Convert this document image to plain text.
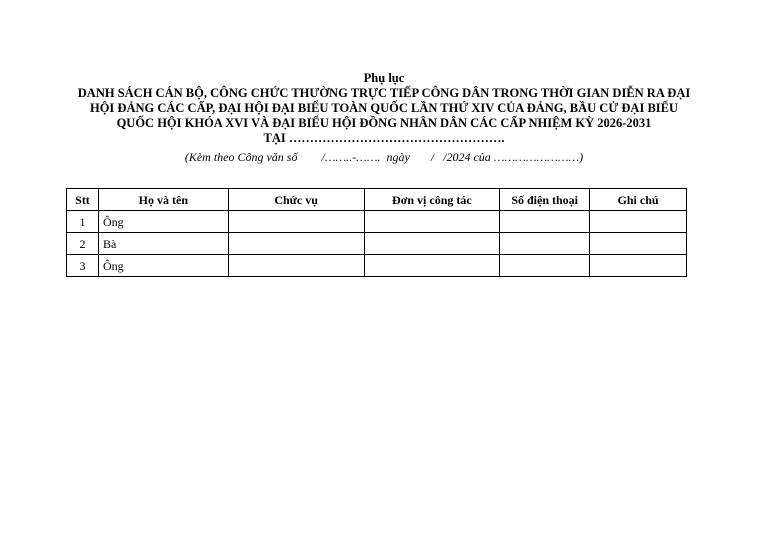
Phụ lục
DANH SÁCH CÁN BỘ, CÔNG CHỨC THƯỜNG TRỰC TIẾP CÔNG DÂN TRONG THỜI GIAN DIỄN RA ĐẠI
HỘI ĐẢNG CÁC CẤP, ĐẠI HỘI ĐẠI BIỂU TOÀN QUỐC LẦN THỨ XIV CỦA ĐẢNG, BẦU CỬ ĐẠI BIỂU
QUỐC HỘI KHÓA XVI VÀ ĐẠI BIỂU HỘI ĐỒNG NHÂN DÂN CÁC CẤP NHIỆM KỲ 2026-2031
TẠI …………………………………………….
(Kèm theo Công văn số        /……..-…….  ngày       /   /2024 của ……………………)
Stt	Họ và tên	Chức vụ	Đơn vị công tác	Số điện thoại	Ghi chú
1	Ông				
2	Bà				
3	Ông				
